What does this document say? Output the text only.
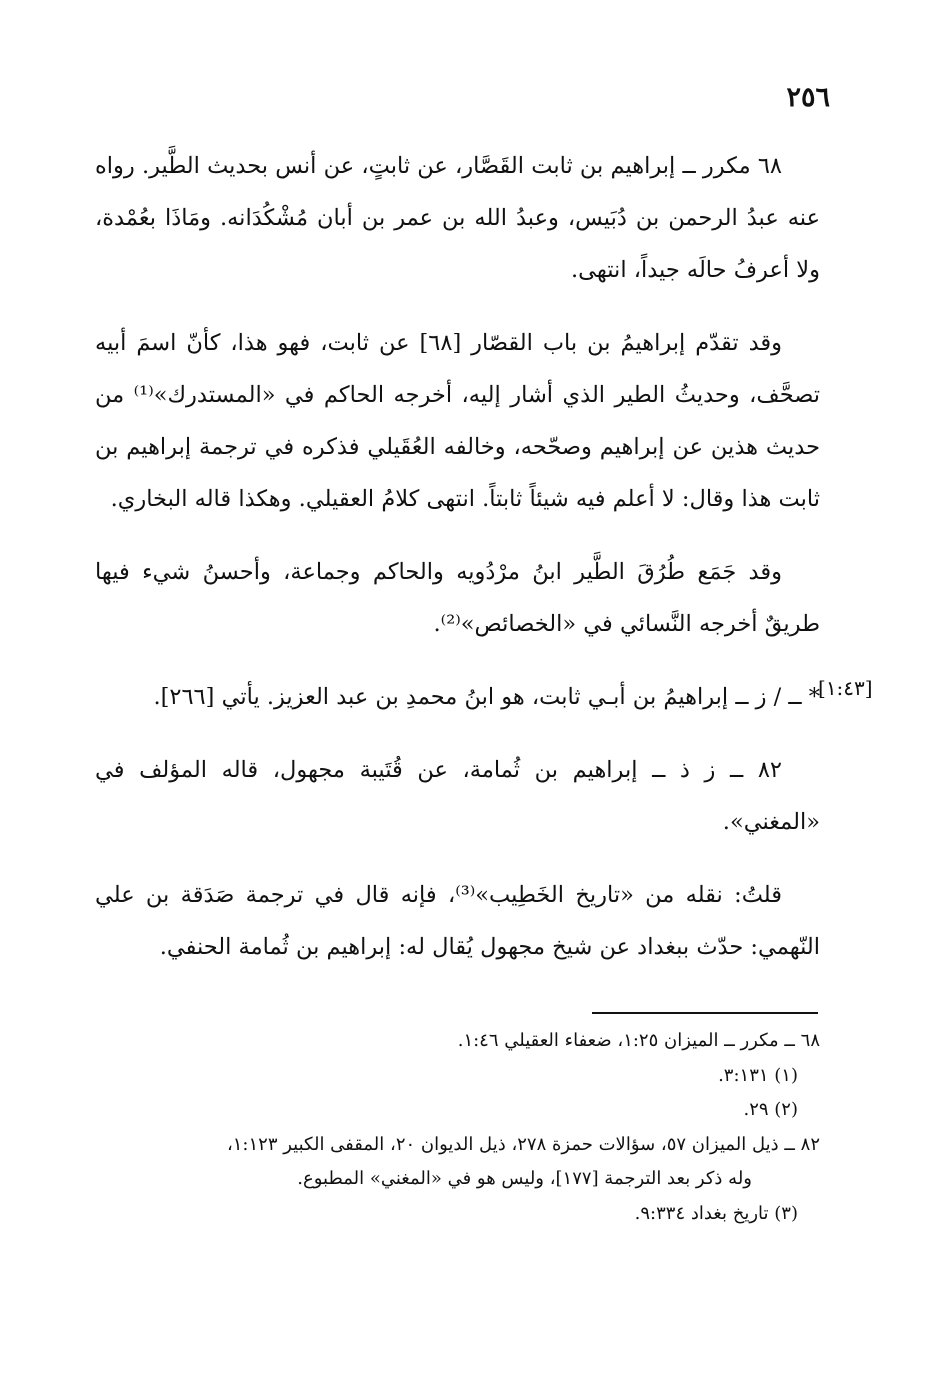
٢٥٦
[١:٤٣]

٦٨ مكرر ــ إبراهيم بن ثابت القَصَّار، عن ثابتٍ، عن أنس بحديث الطَّير. رواه عنه عبدُ الرحمن بن دُبَيس، وعبدُ الله بن عمر بن أبان مُشْكُدَانه. ومَاذَا بعُمْدة، ولا أعرفُ حالَه جيداً، انتهى.

وقد تقدّم إبراهيمُ بن باب القصّار [٦٨] عن ثابت، فهو هذا، كأنّ اسمَ أبيه تصحَّف، وحديثُ الطير الذي أشار إليه، أخرجه الحاكم في «المستدرك»⁽¹⁾ من حديث هذين عن إبراهيم وصحّحه، وخالفه العُقَيلي فذكره في ترجمة إبراهيم بن ثابت هذا وقال: لا أعلم فيه شيئاً ثابتاً. انتهى كلامُ العقيلي. وهكذا قاله البخاري.

وقد جَمَع طُرُقَ الطَّير ابنُ مرْدُويه والحاكم وجماعة، وأحسنُ شيء فيها طريقٌ أخرجه النَّسائي في «الخصائص»⁽²⁾.

* ــ / ز ــ إبراهيمُ بن أبـي ثابت، هو ابنُ محمدِ بن عبد العزيز. يأتي [٢٦٦].

٨٢ ــ ز ذ ــ إبراهيم بن ثُمامة، عن قُتَيبة مجهول، قاله المؤلف في «المغني».

قلتُ: نقله من «تاريخ الخَطِيب»⁽³⁾، فإنه قال في ترجمة صَدَقة بن علي النّهمي: حدّث ببغداد عن شيخ مجهول يُقال له: إبراهيم بن ثُمامة الحنفي.

٦٨ ــ مكرر ــ الميزان ١:٢٥، ضعفاء العقيلي ١:٤٦.

(١) ٣:١٣١.

(٢) ٢٩.

٨٢ ــ ذيل الميزان ٥٧، سؤالات حمزة ٢٧٨، ذيل الديوان ٢٠، المقفى الكبير ١:١٢٣،

وله ذكر بعد الترجمة [١٧٧]، وليس هو في «المغني» المطبوع.

(٣) تاريخ بغداد ٩:٣٣٤.
